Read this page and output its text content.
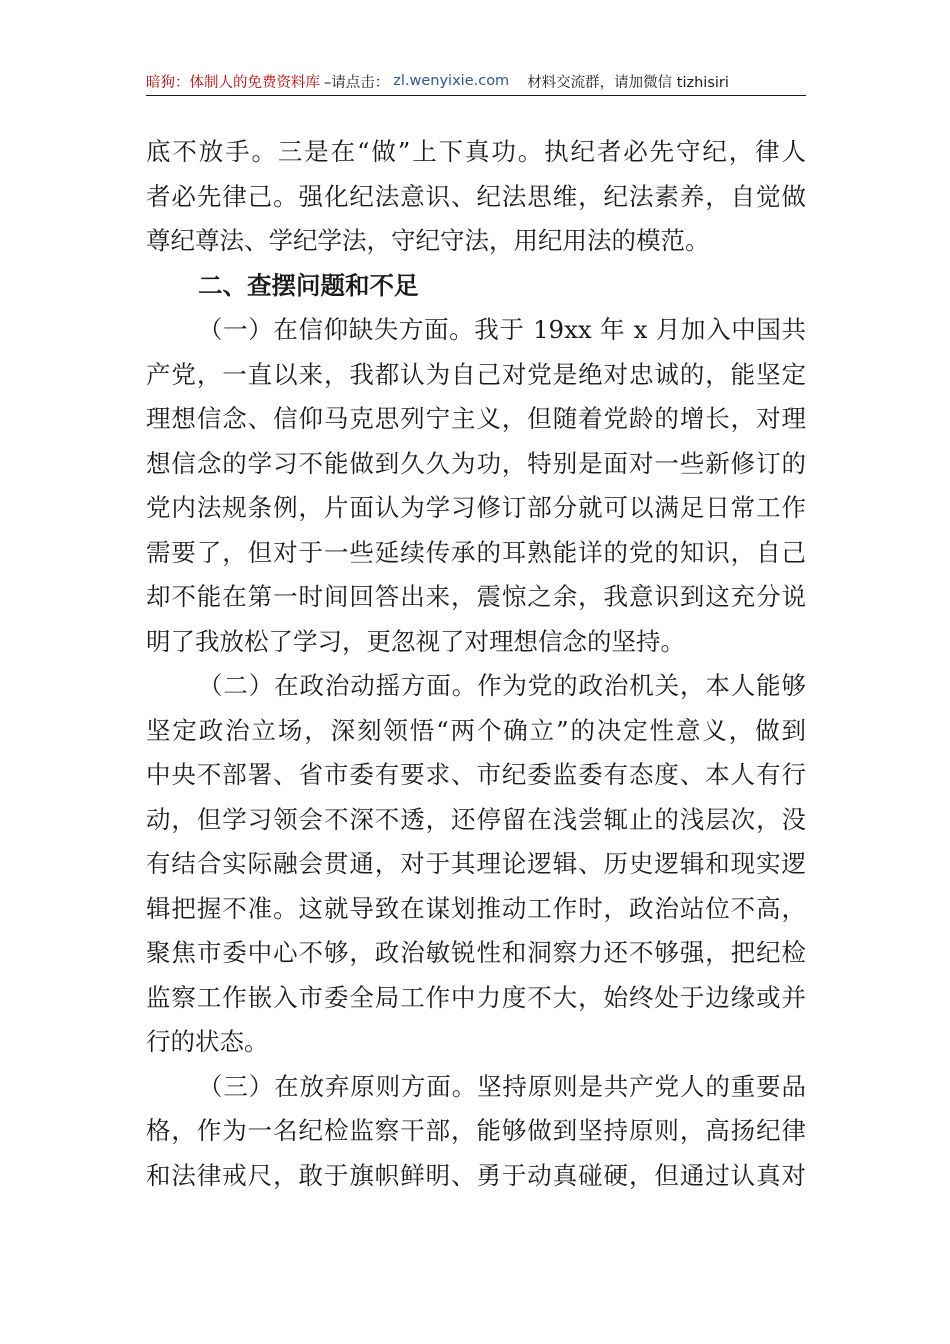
暗狗：体制人的免费资料库 –请点击： zl.wenyixie.com 材料交流群，请加微信 tizhisiri
底不放手。三是在“做”上下真功。执纪者必先守纪，律人
者必先律己。强化纪法意识、纪法思维，纪法素养，自觉做
尊纪尊法、学纪学法，守纪守法，用纪用法的模范。
二、查摆问题和不足
（一）在信仰缺失方面。我于 19xx 年 x 月加入中国共
产党，一直以来，我都认为自己对党是绝对忠诚的，能坚定
理想信念、信仰马克思列宁主义，但随着党龄的增长，对理
想信念的学习不能做到久久为功，特别是面对一些新修订的
党内法规条例，片面认为学习修订部分就可以满足日常工作
需要了，但对于一些延续传承的耳熟能详的党的知识，自己
却不能在第一时间回答出来，震惊之余，我意识到这充分说
明了我放松了学习，更忽视了对理想信念的坚持。
（二）在政治动摇方面。作为党的政治机关，本人能够
坚定政治立场，深刻领悟“两个确立”的决定性意义，做到
中央不部署、省市委有要求、市纪委监委有态度、本人有行
动，但学习领会不深不透，还停留在浅尝辄止的浅层次，没
有结合实际融会贯通，对于其理论逻辑、历史逻辑和现实逻
辑把握不准。这就导致在谋划推动工作时，政治站位不高，
聚焦市委中心不够，政治敏锐性和洞察力还不够强，把纪检
监察工作嵌入市委全局工作中力度不大，始终处于边缘或并
行的状态。
（三）在放弃原则方面。坚持原则是共产党人的重要品
格，作为一名纪检监察干部，能够做到坚持原则，高扬纪律
和法律戒尺，敢于旗帜鲜明、勇于动真碰硬，但通过认真对
